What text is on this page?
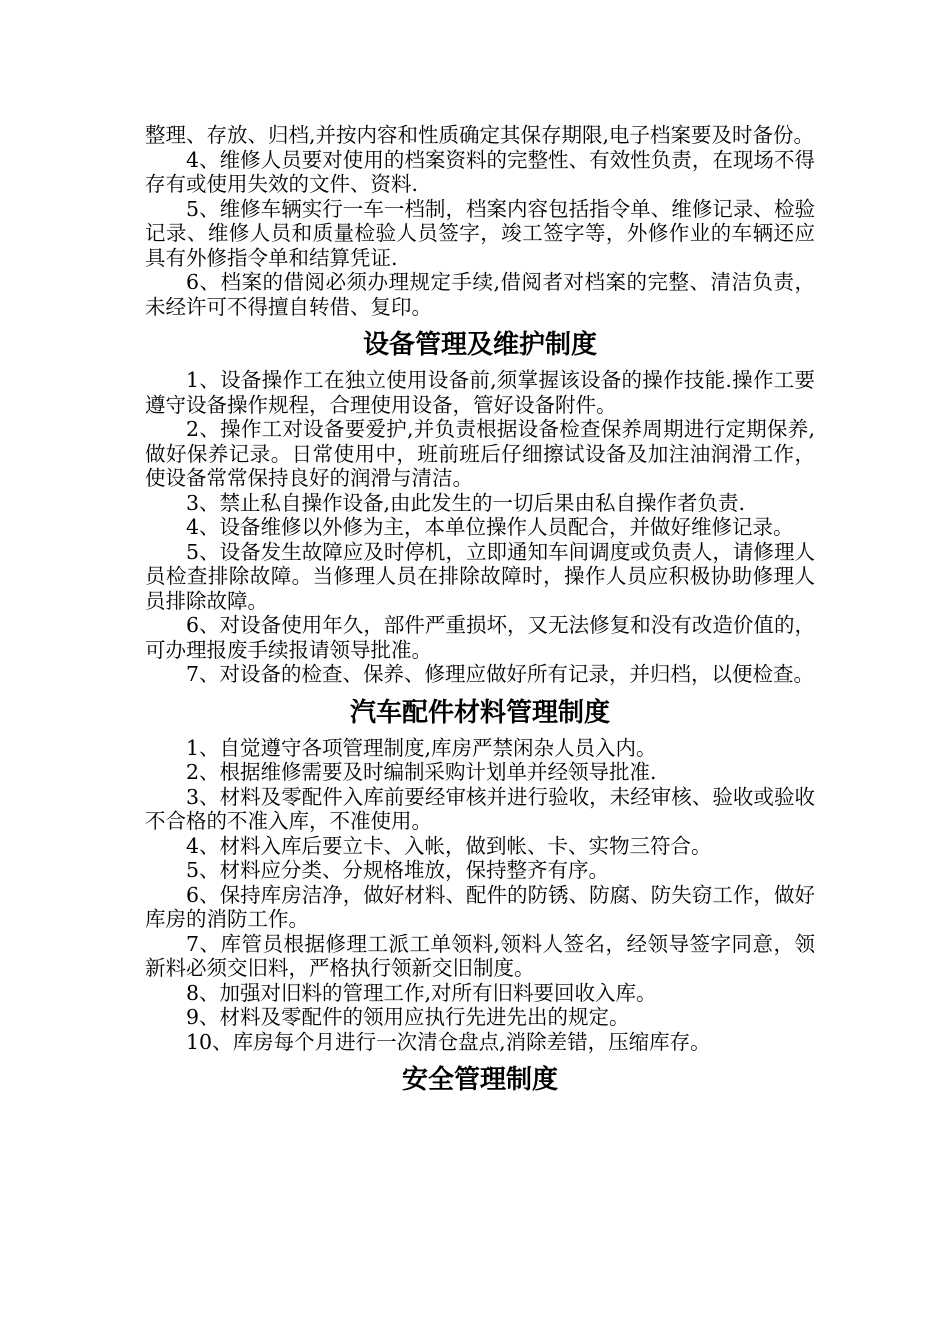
整理、存放、归档,并按内容和性质确定其保存期限,电子档案要及时备份。

4、维修人员要对使用的档案资料的完整性、有效性负责，在现场不得存有或使用失效的文件、资料.

5、维修车辆实行一车一档制，档案内容包括指令单、维修记录、检验记录、维修人员和质量检验人员签字，竣工签字等，外修作业的车辆还应具有外修指令单和结算凭证.

6、档案的借阅必须办理规定手续,借阅者对档案的完整、清洁负责，未经许可不得擅自转借、复印。

设备管理及维护制度

1、设备操作工在独立使用设备前,须掌握该设备的操作技能.操作工要遵守设备操作规程，合理使用设备，管好设备附件。

2、操作工对设备要爱护,并负责根据设备检查保养周期进行定期保养,做好保养记录。日常使用中，班前班后仔细擦试设备及加注油润滑工作，使设备常常保持良好的润滑与清洁。

3、禁止私自操作设备,由此发生的一切后果由私自操作者负责.

4、设备维修以外修为主，本单位操作人员配合，并做好维修记录。

5、设备发生故障应及时停机，立即通知车间调度或负责人，请修理人员检查排除故障。当修理人员在排除故障时，操作人员应积极协助修理人员排除故障。

6、对设备使用年久，部件严重损坏，又无法修复和没有改造价值的，可办理报废手续报请领导批准。

7、对设备的检查、保养、修理应做好所有记录，并归档，以便检查。

汽车配件材料管理制度

1、自觉遵守各项管理制度,库房严禁闲杂人员入内。

2、根据维修需要及时编制采购计划单并经领导批准.

3、材料及零配件入库前要经审核并进行验收，未经审核、验收或验收不合格的不准入库，不准使用。

4、材料入库后要立卡、入帐，做到帐、卡、实物三符合。

5、材料应分类、分规格堆放，保持整齐有序。

6、保持库房洁净，做好材料、配件的防锈、防腐、防失窃工作，做好库房的消防工作。

7、库管员根据修理工派工单领料,领料人签名，经领导签字同意，领新料必须交旧料，严格执行领新交旧制度。

8、加强对旧料的管理工作,对所有旧料要回收入库。

9、材料及零配件的领用应执行先进先出的规定。

10、库房每个月进行一次清仓盘点,消除差错，压缩库存。

安全管理制度
